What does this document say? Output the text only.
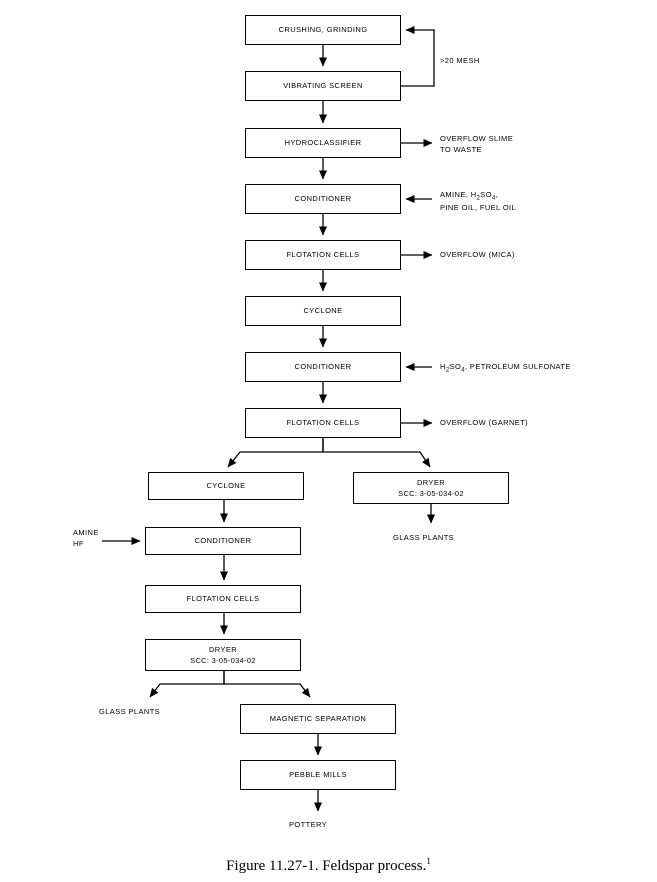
CRUSHING, GRINDING
VIBRATING SCREEN
HYDROCLASSIFIER
CONDITIONER
FLOTATION CELLS
CYCLONE
CONDITIONER
FLOTATION CELLS
CYCLONE	DRYER
SCC: 3-05-034-02
CONDITIONER
FLOTATION CELLS
DRYER
SCC: 3-05-034-02
MAGNETIC SEPARATION
PEBBLE MILLS
>20 MESH
OVERFLOW SLIME
TO WASTE
AMINE, $H_2SO_4$,
PINE OIL, FUEL OIL
OVERFLOW (MICA)
$H_2SO_4$, PETROLEUM SULFONATE
OVERFLOW (GARNET)
GLASS PLANTS
AMINE
HF
GLASS PLANTS
POTTERY
Figure 11.27-1. Feldspar process.$^1$
